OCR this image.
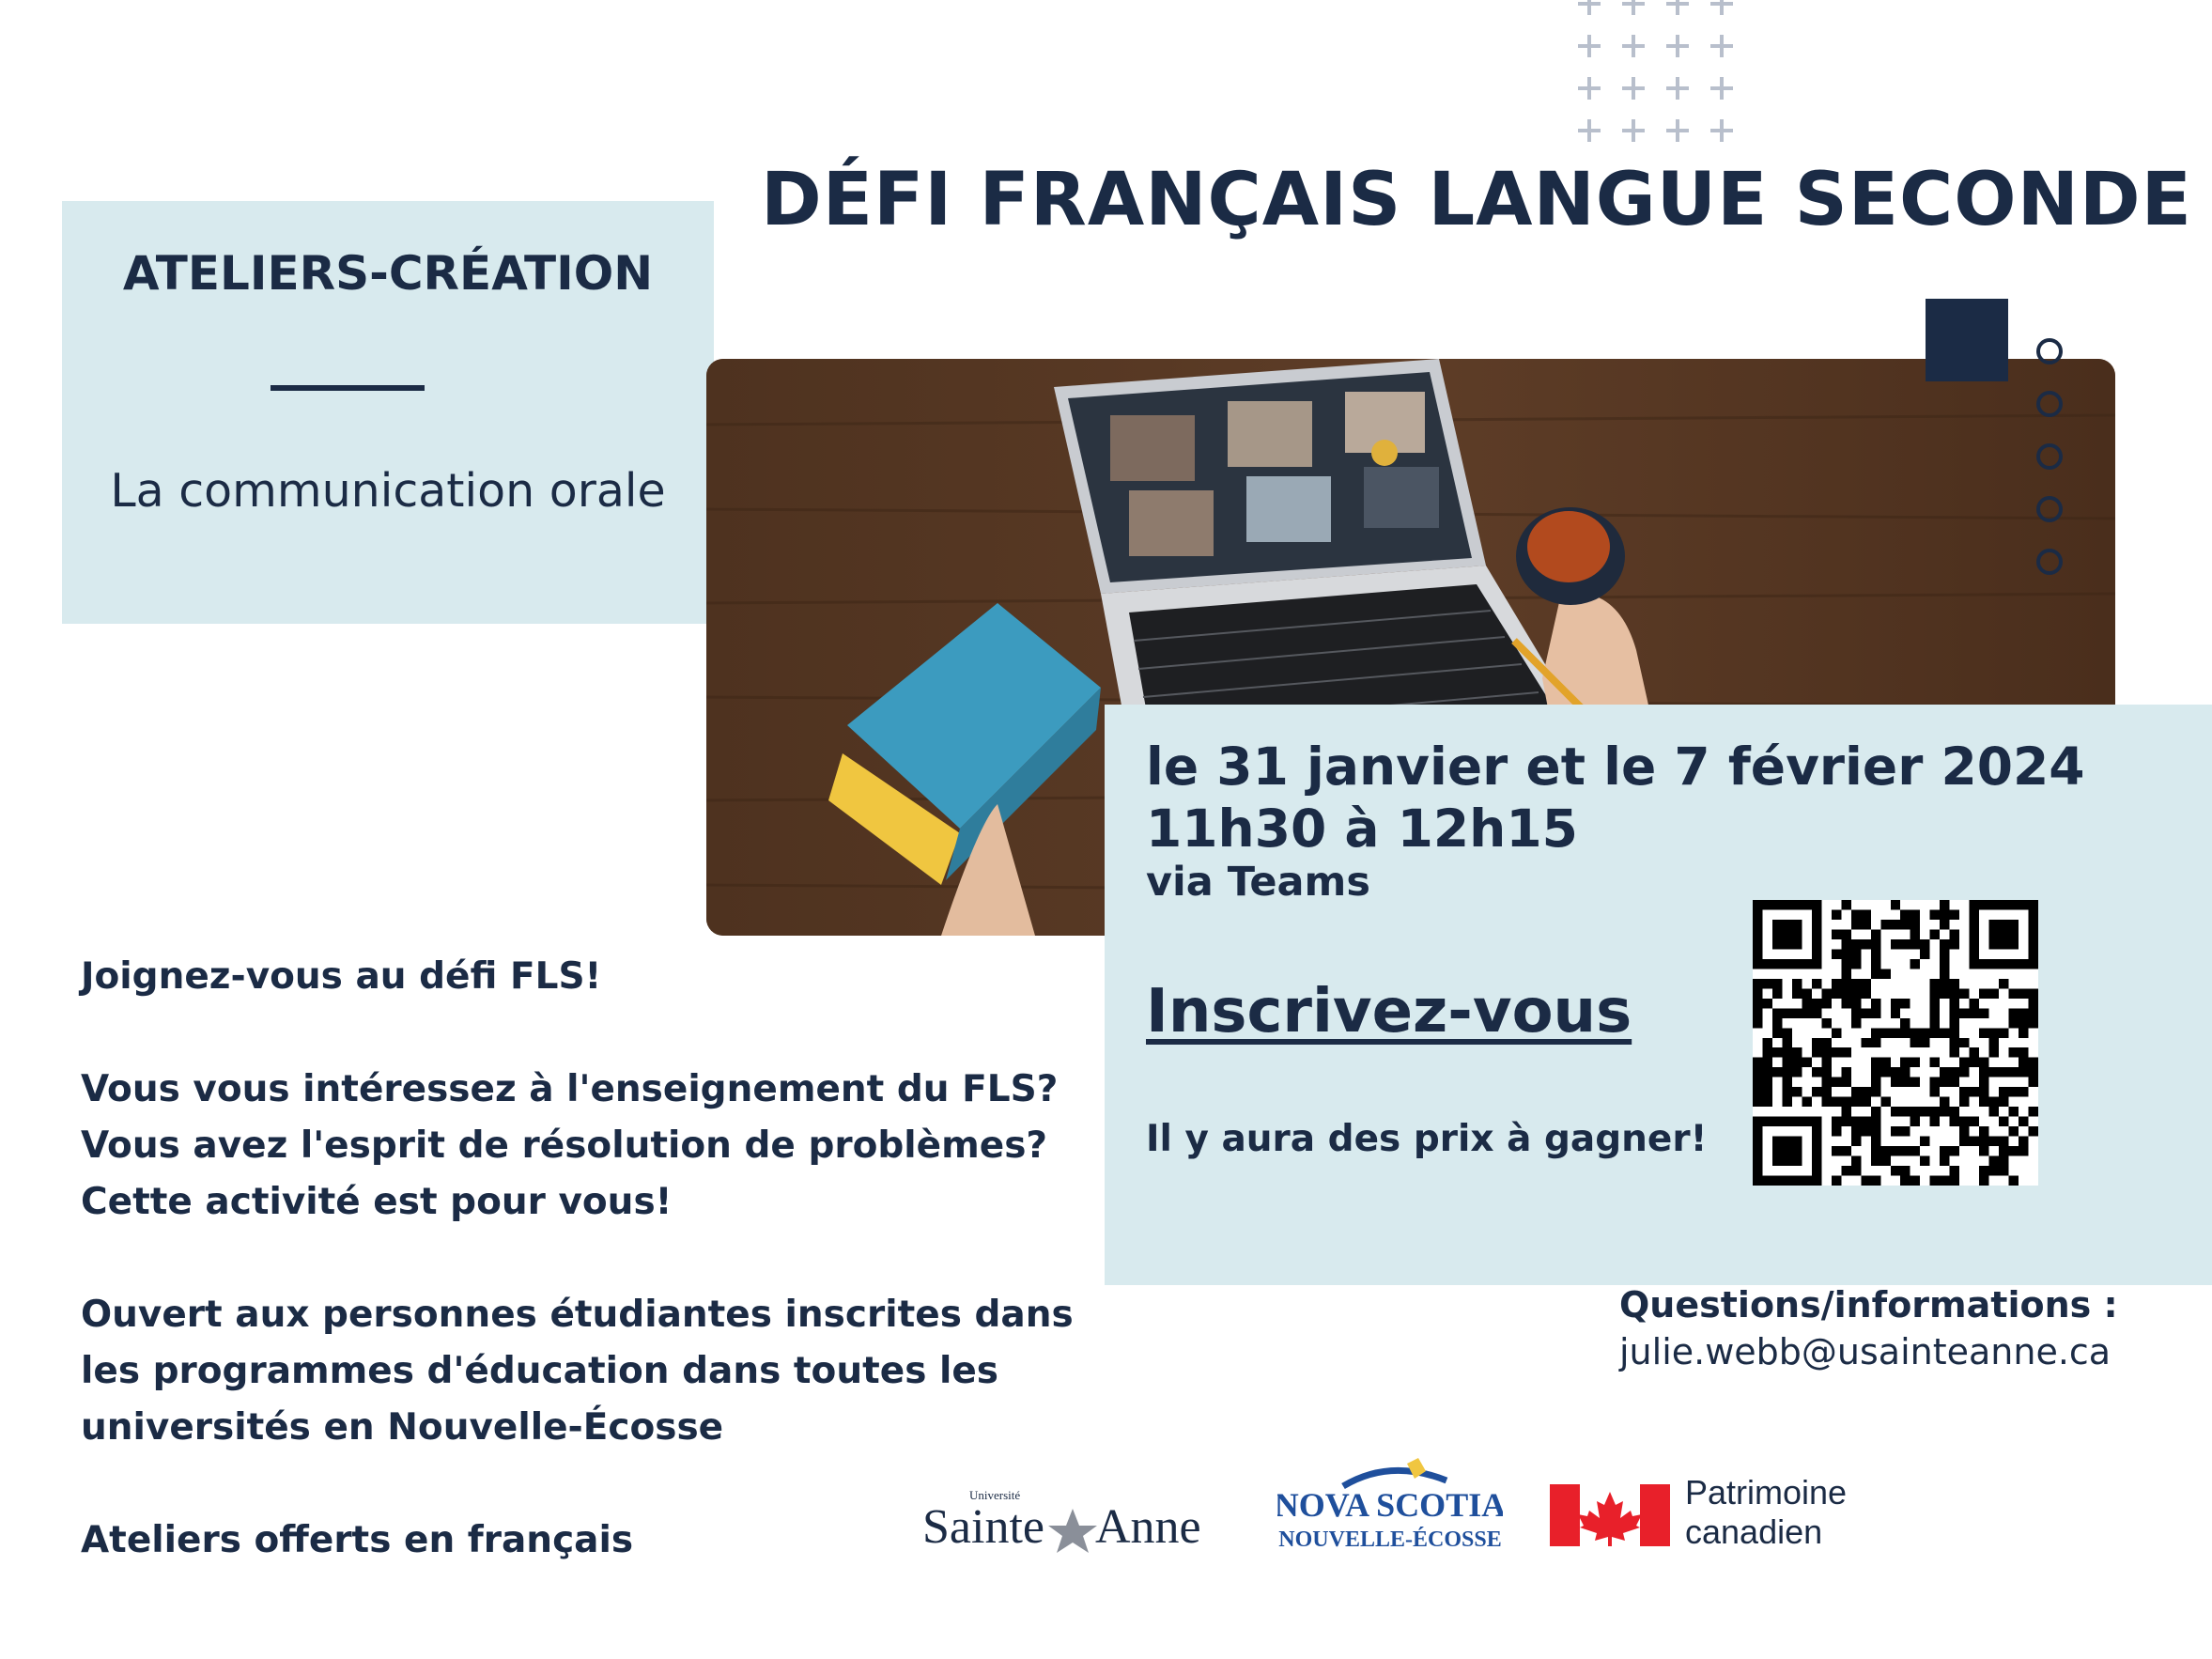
DÉFI FRANÇAIS LANGUE SECONDE
ATELIERS-CRÉATION
La communication orale
le 31 janvier et le 7 février 2024
11h30 à 12h15
via Teams
Inscrivez-vous
Il y aura des prix à gagner!

Joignez-vous au défi FLS!

Vous vous intéressez à l'enseignement du FLS?

Vous avez l'esprit de résolution de problèmes?

Cette activité est pour vous!

Ouvert aux personnes étudiantes inscrites dans

les programmes d'éducation dans toutes les

universités en Nouvelle-Écosse

Ateliers offerts en français

Questions/informations :
julie.webb@usainteanne.ca
Université
Sainte Anne NOVA SCOTIA
NOUVELLE-ÉCOSSE
Patrimoine
canadien
